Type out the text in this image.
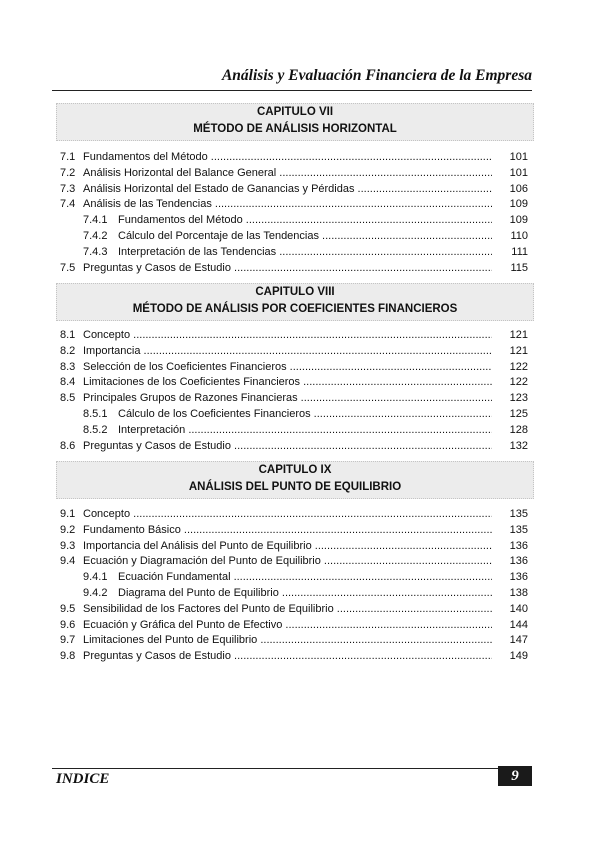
Análisis y Evaluación Financiera de la Empresa
CAPITULO VII
MÉTODO DE ANÁLISIS HORIZONTAL
7.1 Fundamentos del Método .....	101
7.2 Análisis Horizontal del Balance General .....	101
7.3 Análisis Horizontal del Estado de Ganancias y Pérdidas .....	106
7.4 Análisis de las Tendencias .....	109
7.4.1 Fundamentos del Método .....	109
7.4.2 Cálculo del Porcentaje de las Tendencias .....	110
7.4.3 Interpretación de las Tendencias .....	111
7.5 Preguntas y Casos de Estudio .....	115
CAPITULO VIII
MÉTODO DE ANÁLISIS POR COEFICIENTES FINANCIEROS
8.1 Concepto .....	121
8.2 Importancia .....	121
8.3 Selección de los Coeficientes Financieros .....	122
8.4 Limitaciones de los Coeficientes Financieros .....	122
8.5 Principales Grupos de Razones Financieras .....	123
8.5.1 Cálculo de los Coeficientes Financieros .....	125
8.5.2 Interpretación .....	128
8.6 Preguntas y Casos de Estudio .....	132
CAPITULO IX
ANÁLISIS DEL PUNTO DE EQUILIBRIO
9.1 Concepto .....	135
9.2 Fundamento Básico .....	135
9.3 Importancia del Análisis del Punto de Equilibrio .....	136
9.4 Ecuación y Diagramación del Punto de Equilibrio .....	136
9.4.1 Ecuación Fundamental .....	136
9.4.2 Diagrama del Punto de Equilibrio .....	138
9.5 Sensibilidad de los Factores del Punto de Equilibrio .....	140
9.6 Ecuación y Gráfica del Punto de Efectivo .....	144
9.7 Limitaciones del Punto de Equilibrio .....	147
9.8 Preguntas y Casos de Estudio .....	149
INDICE	9
